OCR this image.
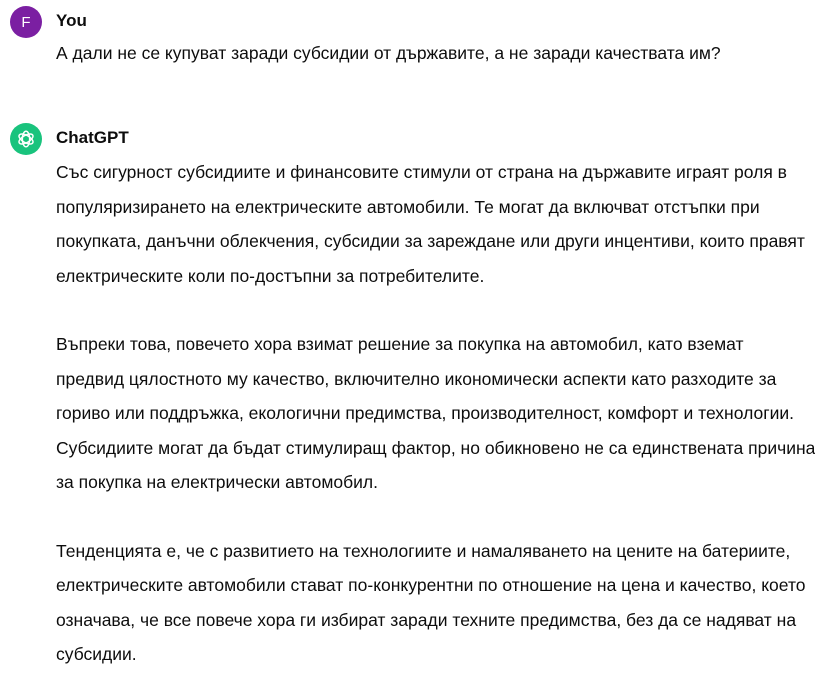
F You
А дали не се купуват заради субсидии от държавите, а не заради качествата им?
ChatGPT

Със сигурност субсидиите и финансовите стимули от страна на държавите играят роля в популяризирането на електрическите автомобили. Те могат да включват отстъпки при покупката, данъчни облекчения, субсидии за зареждане или други инцентиви, които правят електрическите коли по-достъпни за потребителите.

Въпреки това, повечето хора взимат решение за покупка на автомобил, като вземат предвид цялостното му качество, включително икономически аспекти като разходите за гориво или поддръжка, екологични предимства, производителност, комфорт и технологии. Субсидиите могат да бъдат стимулиращ фактор, но обикновено не са единствената причина за покупка на електрически автомобил.

Тенденцията е, че с развитието на технологиите и намаляването на цените на батериите, електрическите автомобили стават по-конкурентни по отношение на цена и качество, което означава, че все повече хора ги избират заради техните предимства, без да се надяват на субсидии.
